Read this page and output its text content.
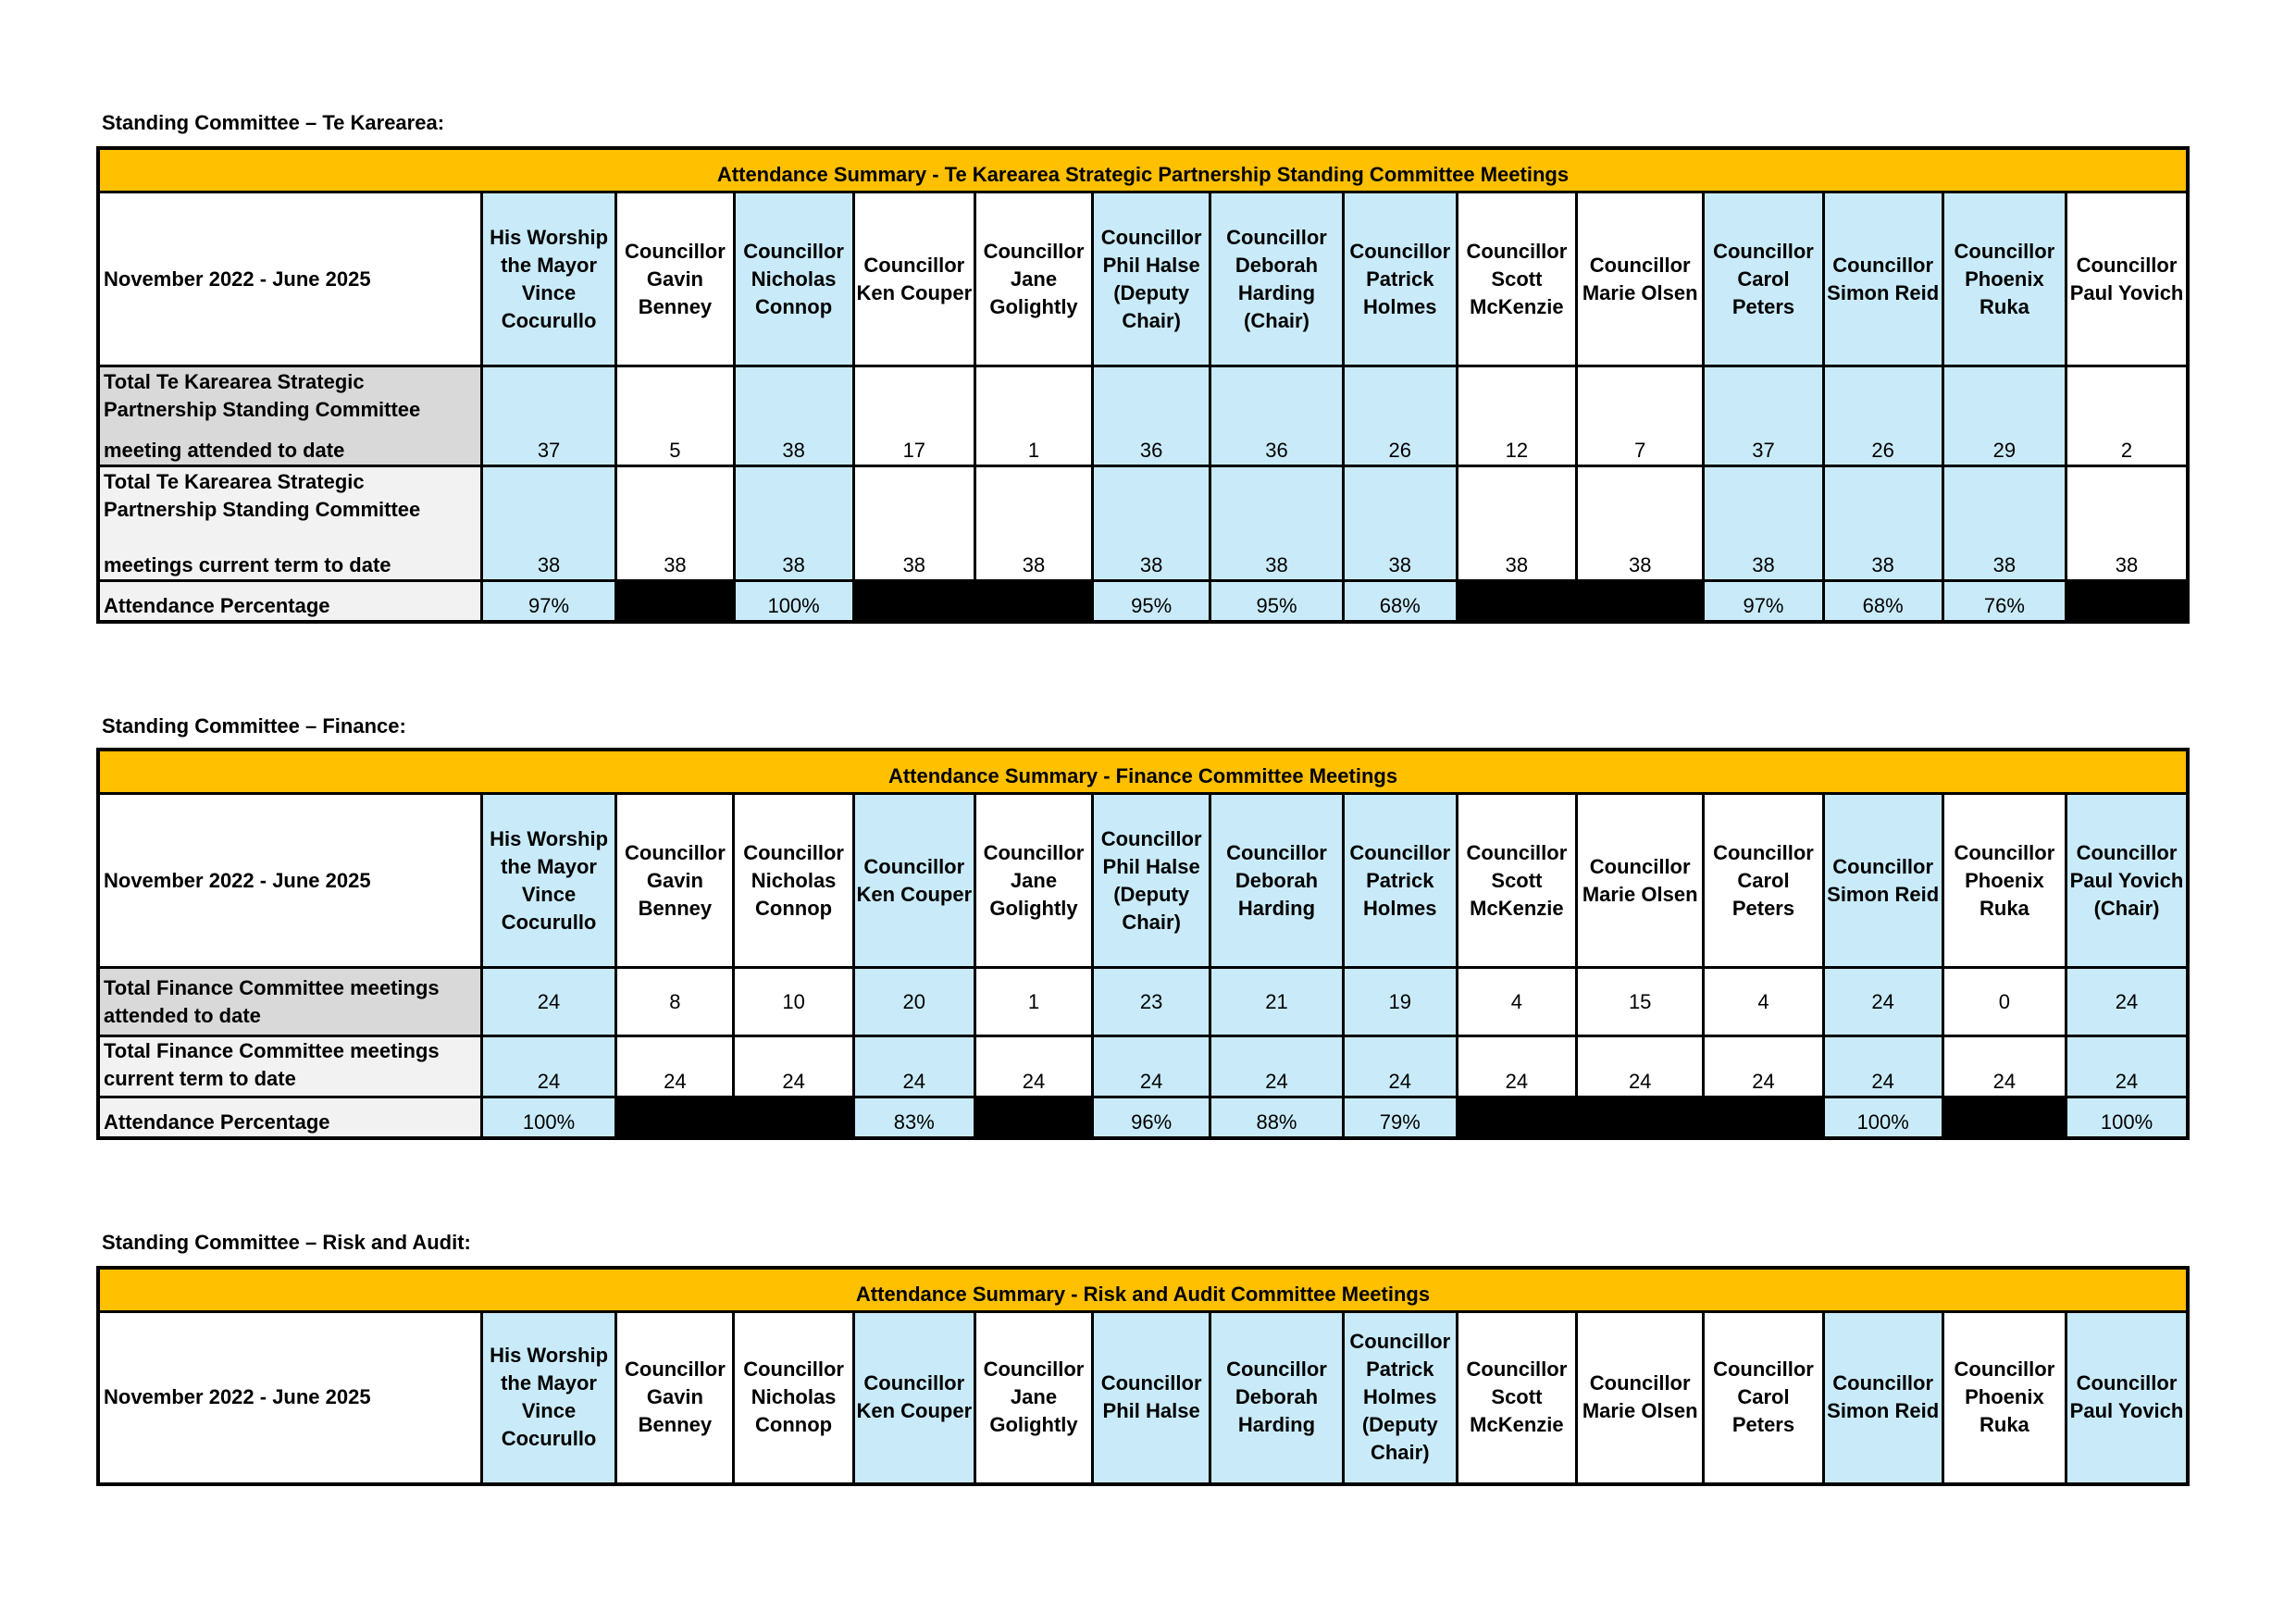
Standing Committee – Te Karearea:
Attendance Summary - Te Karearea Strategic Partnership Standing Committee Meetings														
November 2022 - June 2025	His Worship the Mayor Vince Cocurullo	Councillor Gavin Benney	Councillor Nicholas Connop	Councillor Ken Couper	Councillor Jane Golightly	Councillor Phil Halse (Deputy Chair)	Councillor Deborah Harding (Chair)	Councillor Patrick Holmes	Councillor Scott McKenzie	Councillor Marie Olsen	Councillor Carol Peters	Councillor Simon Reid	Councillor Phoenix Ruka	Councillor Paul Yovich

Total Te Karearea Strategic Partnership Standing Committee
meeting attended to date	37	5	38	17	1	36	36	26	12	7	37	26	29	2

Total Te Karearea Strategic Partnership Standing Committee
meetings current term to date	38	38	38	38	38	38	38	38	38	38	38	38	38	38
Attendance Percentage	97%		100%			95%	95%	68%			97%	68%	76%	
Standing Committee – Finance:
Attendance Summary - Finance Committee Meetings														
November 2022 - June 2025	His Worship the Mayor Vince Cocurullo	Councillor Gavin Benney	Councillor Nicholas Connop	Councillor Ken Couper	Councillor Jane Golightly	Councillor Phil Halse (Deputy Chair)	Councillor Deborah Harding	Councillor Patrick Holmes	Councillor Scott McKenzie	Councillor Marie Olsen	Councillor Carol Peters	Councillor Simon Reid	Councillor Phoenix Ruka	Councillor Paul Yovich (Chair)
Total Finance Committee meetings attended to date	24	8	10	20	1	23	21	19	4	15	4	24	0	24
Total Finance Committee meetings current term to date	24	24	24	24	24	24	24	24	24	24	24	24	24	24
Attendance Percentage	100%			83%		96%	88%	79%				100%		100%
Standing Committee – Risk and Audit:
Attendance Summary - Risk and Audit Committee Meetings
November 2022 - June 2025	His Worship the Mayor Vince Cocurullo	Councillor Gavin Benney	Councillor Nicholas Connop	Councillor Ken Couper	Councillor Jane Golightly	Councillor Phil Halse	Councillor Deborah Harding	Councillor Patrick Holmes (Deputy Chair)	Councillor Scott McKenzie	Councillor Marie Olsen	Councillor Carol Peters	Councillor Simon Reid	Councillor Phoenix Ruka	Councillor Paul Yovich
